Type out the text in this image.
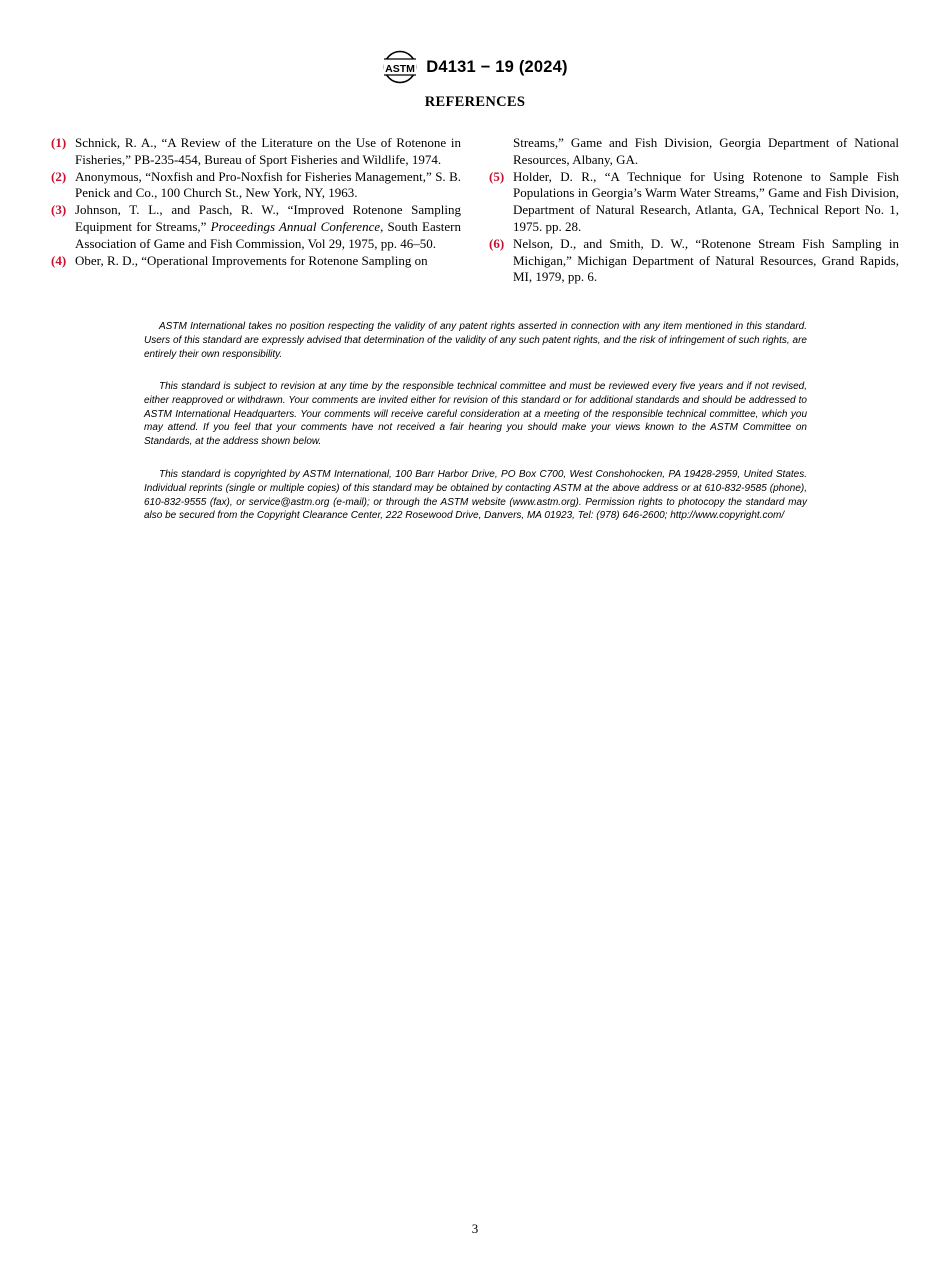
ASTM D4131 − 19 (2024)
REFERENCES

(1) Schnick, R. A., “A Review of the Literature on the Use of Rotenone in Fisheries,” PB-235-454, Bureau of Sport Fisheries and Wildlife, 1974.

(2) Anonymous, “Noxfish and Pro-Noxfish for Fisheries Management,” S. B. Penick and Co., 100 Church St., New York, NY, 1963.

(3) Johnson, T. L., and Pasch, R. W., “Improved Rotenone Sampling Equipment for Streams,” Proceedings Annual Conference, South Eastern Association of Game and Fish Commission, Vol 29, 1975, pp. 46–50.

(4) Ober, R. D., “Operational Improvements for Rotenone Sampling on

Streams,” Game and Fish Division, Georgia Department of National Resources, Albany, GA.

(5) Holder, D. R., “A Technique for Using Rotenone to Sample Fish Populations in Georgia’s Warm Water Streams,” Game and Fish Division, Department of Natural Research, Atlanta, GA, Technical Report No. 1, 1975. pp. 28.

(6) Nelson, D., and Smith, D. W., “Rotenone Stream Fish Sampling in Michigan,” Michigan Department of Natural Resources, Grand Rapids, MI, 1979, pp. 6.

ASTM International takes no position respecting the validity of any patent rights asserted in connection with any item mentioned in this standard. Users of this standard are expressly advised that determination of the validity of any such patent rights, and the risk of infringement of such rights, are entirely their own responsibility.

This standard is subject to revision at any time by the responsible technical committee and must be reviewed every five years and if not revised, either reapproved or withdrawn. Your comments are invited either for revision of this standard or for additional standards and should be addressed to ASTM International Headquarters. Your comments will receive careful consideration at a meeting of the responsible technical committee, which you may attend. If you feel that your comments have not received a fair hearing you should make your views known to the ASTM Committee on Standards, at the address shown below.

This standard is copyrighted by ASTM International, 100 Barr Harbor Drive, PO Box C700, West Conshohocken, PA 19428-2959, United States. Individual reprints (single or multiple copies) of this standard may be obtained by contacting ASTM at the above address or at 610-832-9585 (phone), 610-832-9555 (fax), or service@astm.org (e-mail); or through the ASTM website (www.astm.org). Permission rights to photocopy the standard may also be secured from the Copyright Clearance Center, 222 Rosewood Drive, Danvers, MA 01923, Tel: (978) 646-2600; http://www.copyright.com/

3
